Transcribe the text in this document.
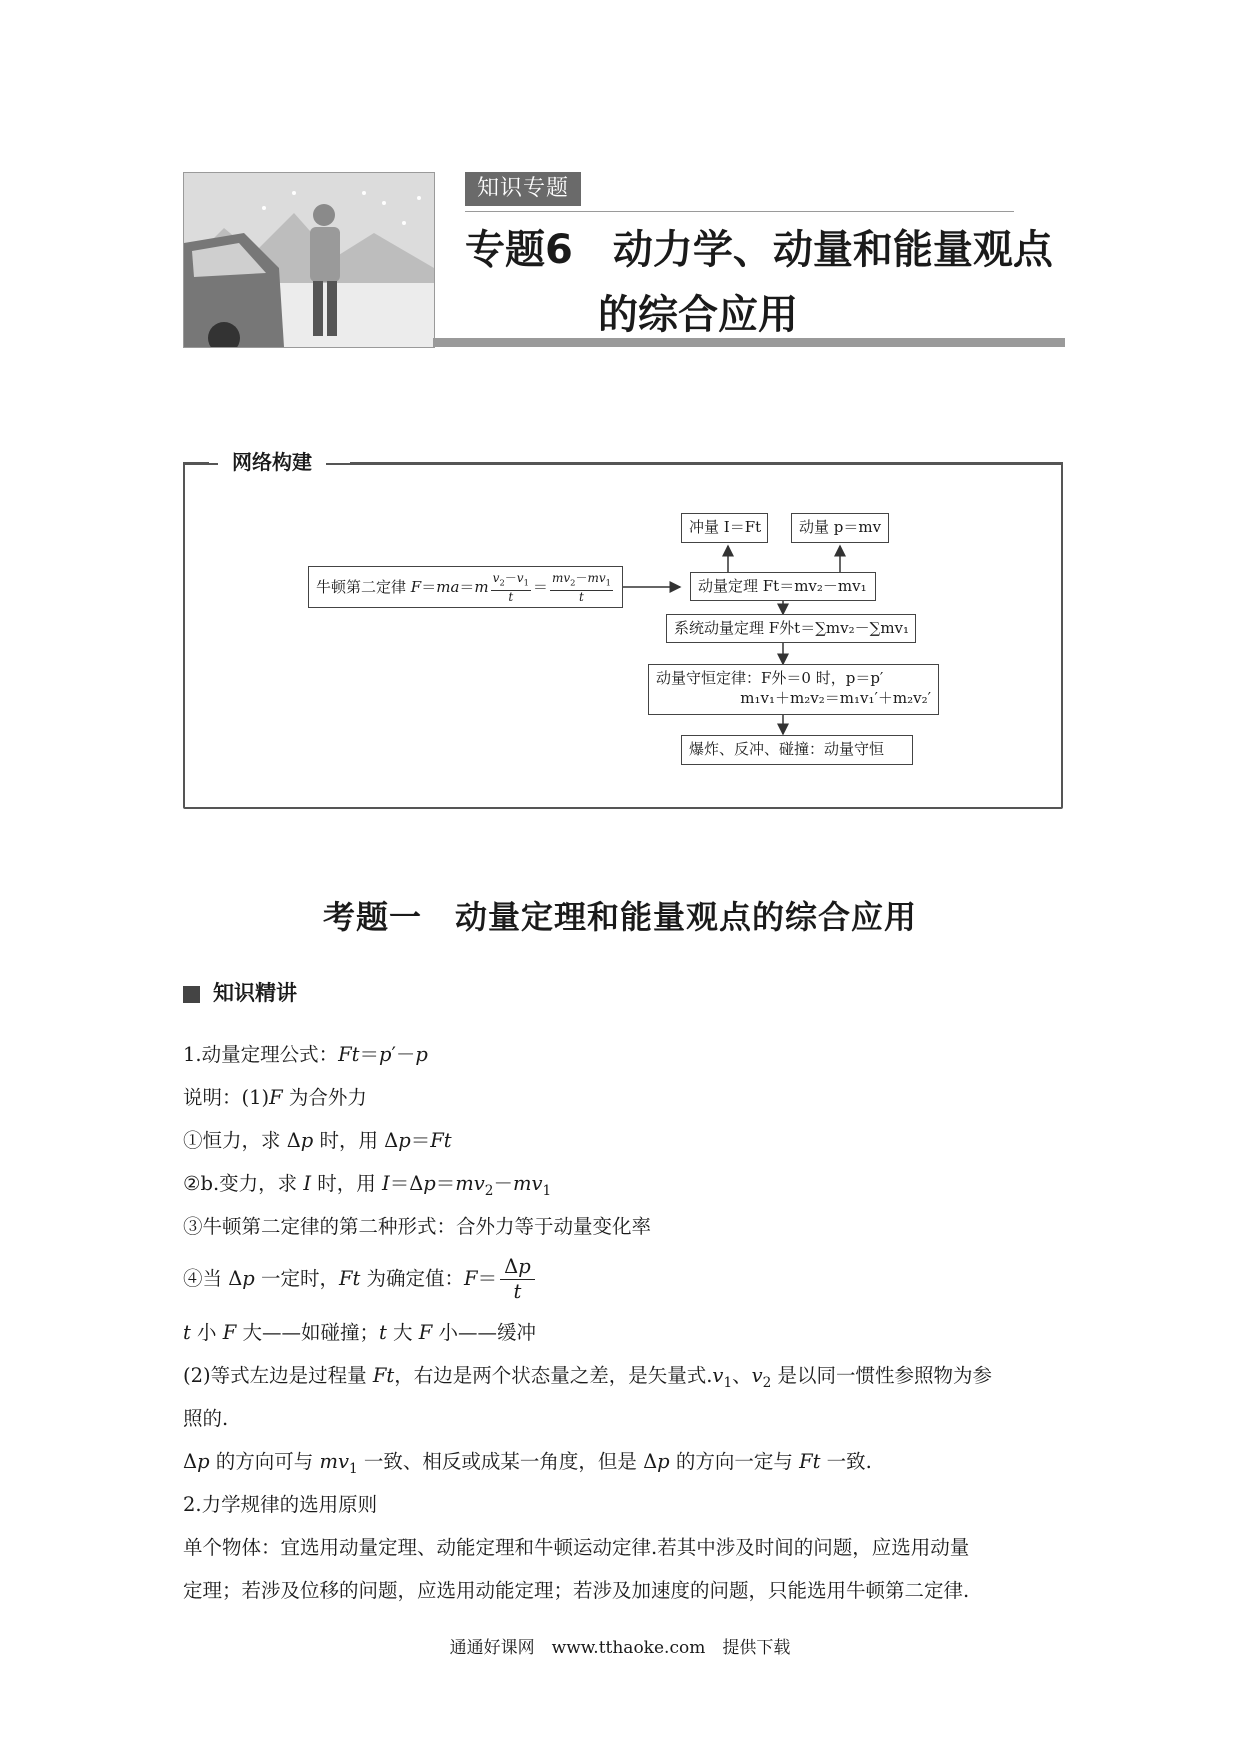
知识专题
专题6　动力学、动量和能量观点
的综合应用
网络构建
冲量 I＝Ft	动量 p＝mv
牛顿第二定律 $F=ma=m \frac{v_2-v_1}{t} = \frac{mv_2-mv_1}{t}$	动量定理 Ft＝mv₂－mv₁
系统动量定理 F外t＝∑mv₂－∑mv₁
动量守恒定律：F外＝0 时，p＝p′
m₁v₁＋m₂v₂＝m₁v₁′＋m₂v₂′
爆炸、反冲、碰撞：动量守恒
考题一　动量定理和能量观点的综合应用
知识精讲
1.动量定理公式：Ft＝p′－p
说明：(1)F 为合外力
①恒力，求 Δp 时，用 Δp＝Ft
②b.变力，求 I 时，用 $I=\Delta p=mv_2-mv_1$
③牛顿第二定律的第二种形式：合外力等于动量变化率
④当 Δp 一定时，Ft 为确定值：$F= \frac{\Delta p}{t}$
t 小 F 大——如碰撞；t 大 F 小——缓冲
(2)等式左边是过程量 Ft，右边是两个状态量之差，是矢量式$.v_1$、$v_2$ 是以同一惯性参照物为参
照的.
Δp 的方向可与 $mv_1$ 一致、相反或成某一角度，但是 Δp 的方向一定与 Ft 一致.
2.力学规律的选用原则
单个物体：宜选用动量定理、动能定理和牛顿运动定律.若其中涉及时间的问题，应选用动量
定理；若涉及位移的问题，应选用动能定理；若涉及加速度的问题，只能选用牛顿第二定律.
通通好课网　www.tthaoke.com　提供下载
